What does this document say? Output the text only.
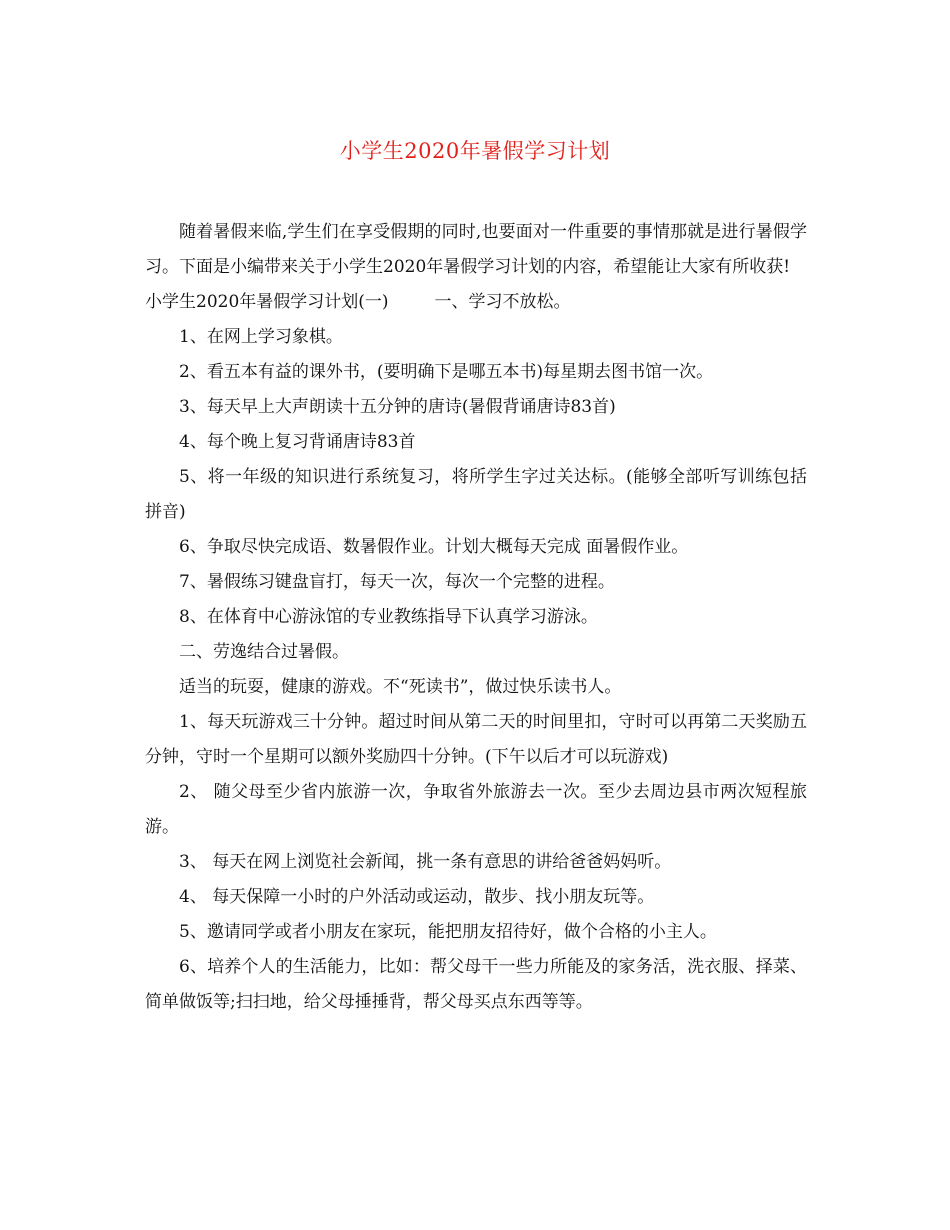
小学生2020年暑假学习计划

随着暑假来临,学生们在享受假期的同时,也要面对一件重要的事情那就是进行暑假学习。下面是小编带来关于小学生2020年暑假学习计划的内容，希望能让大家有所收获!

小学生2020年暑假学习计划(一)	一、学习不放松。

1、在网上学习象棋。

2、看五本有益的课外书，(要明确下是哪五本书)每星期去图书馆一次。

3、每天早上大声朗读十五分钟的唐诗(暑假背诵唐诗83首)

4、每个晚上复习背诵唐诗83首

5、将一年级的知识进行系统复习，将所学生字过关达标。(能够全部听写训练包括拼音)

6、争取尽快完成语、数暑假作业。计划大概每天完成 面暑假作业。

7、暑假练习键盘盲打，每天一次，每次一个完整的进程。

8、在体育中心游泳馆的专业教练指导下认真学习游泳。

二、劳逸结合过暑假。

适当的玩耍，健康的游戏。不“死读书”，做过快乐读书人。

1、每天玩游戏三十分钟。超过时间从第二天的时间里扣，守时可以再第二天奖励五分钟，守时一个星期可以额外奖励四十分钟。(下午以后才可以玩游戏)

2、 随父母至少省内旅游一次，争取省外旅游去一次。至少去周边县市两次短程旅游。

3、 每天在网上浏览社会新闻，挑一条有意思的讲给爸爸妈妈听。

4、 每天保障一小时的户外活动或运动，散步、找小朋友玩等。

5、邀请同学或者小朋友在家玩，能把朋友招待好，做个合格的小主人。

6、培养个人的生活能力，比如：帮父母干一些力所能及的家务活，洗衣服、择菜、简单做饭等;扫扫地，给父母捶捶背，帮父母买点东西等等。
